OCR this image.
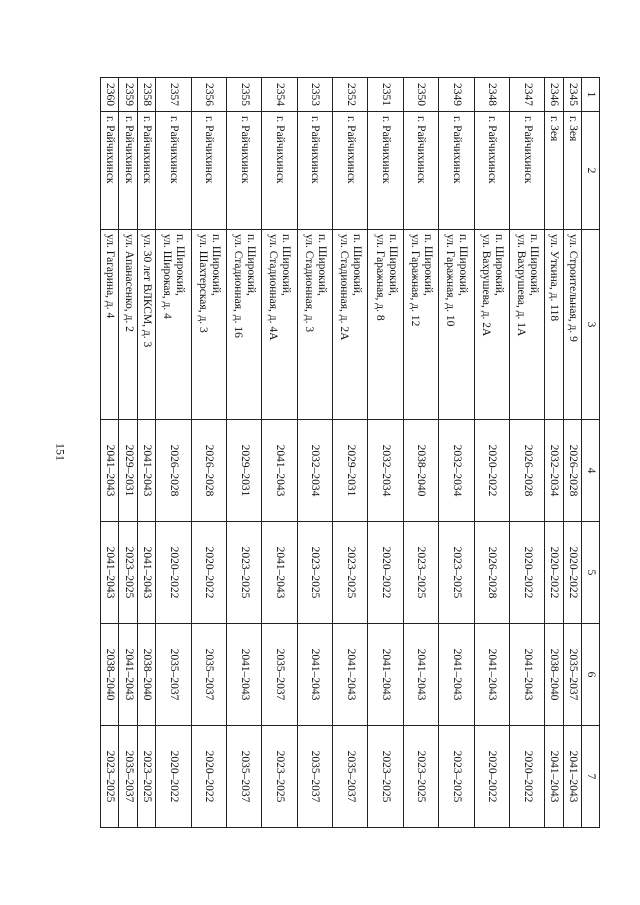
151
1	2	3	4	5	6	7
2345	г. Зея	ул. Строительная, д. 9	2026–2028	2020–2022	2035–2037	2041–2043
2346	г. Зея	ул. Уткина, д. 118	2032–2034	2020–2022	2038–2040	2041–2043
2347	г. Райчихинск	п. Широкий,
ул. Вахрушева, д. 1А	2026–2028	2020–2022	2041–2043	2020–2022
2348	г. Райчихинск	п. Широкий,
ул. Вахрушева, д. 2А	2020–2022	2026–2028	2041–2043	2020–2022
2349	г. Райчихинск	п. Широкий,
ул. Гаражная, д. 10	2032–2034	2023–2025	2041–2043	2023–2025
2350	г. Райчихинск	п. Широкий,
ул. Гаражная, д. 12	2038–2040	2023–2025	2041–2043	2023–2025
2351	г. Райчихинск	п. Широкий,
ул. Гаражная, д. 8	2032–2034	2020–2022	2041–2043	2023–2025
2352	г. Райчихинск	п. Широкий,
ул. Стадионная, д. 2А	2029–2031	2023–2025	2041–2043	2035–2037
2353	г. Райчихинск	п. Широкий,
ул. Стадионная, д. 3	2032–2034	2023–2025	2041–2043	2035–2037
2354	г. Райчихинск	п. Широкий,
ул. Стадионная, д. 4А	2041–2043	2041–2043	2035–2037	2023–2025
2355	г. Райчихинск	п. Широкий,
ул. Стадионная, д. 16	2029–2031	2023–2025	2041–2043	2035–2037
2356	г. Райчихинск	п. Широкий,
ул. Шахтерская, д. 3	2026–2028	2020–2022	2035–2037	2020–2022
2357	г. Райчихинск	п. Широкий,
ул. Широкая, д. 4	2026–2028	2020–2022	2035–2037	2020–2022
2358	г. Райчихинск	ул. 30 лет ВЛКСМ, д. 3	2041–2043	2041–2043	2038–2040	2023–2025
2359	г. Райчихинск	ул. Апанасенко, д. 2	2029–2031	2023–2025	2041–2043	2035–2037
2360	г. Райчихинск	ул. Гагарина, д. 4	2041–2043	2041–2043	2038–2040	2023–2025
